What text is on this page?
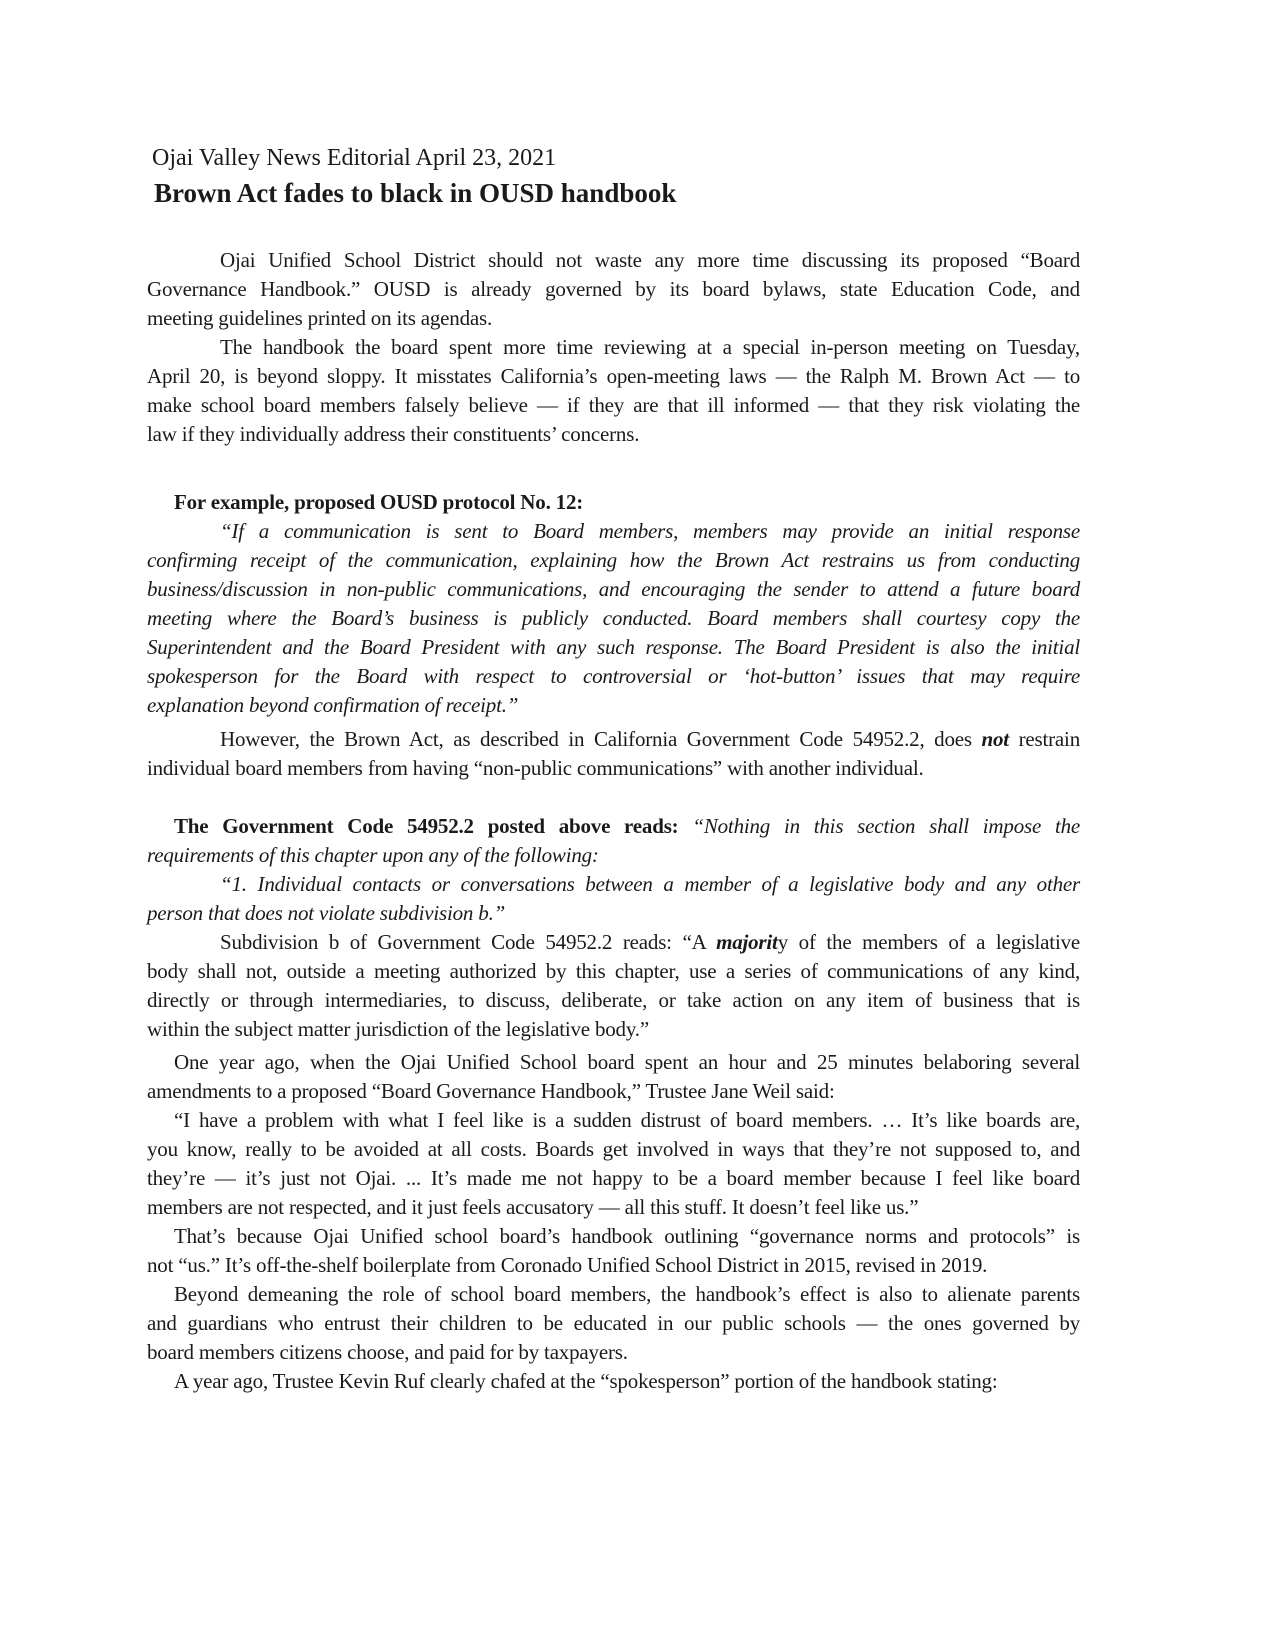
Ojai Valley News Editorial April 23, 2021
Brown Act fades to black in OUSD handbook
Ojai Unified School District should not waste any more time discussing its proposed “Board
Governance Handbook.” OUSD is already governed by its board bylaws, state Education Code, and
meeting guidelines printed on its agendas.
The handbook the board spent more time reviewing at a special in-person meeting on Tuesday,
April 20, is beyond sloppy. It misstates California’s open-meeting laws — the Ralph M. Brown Act — to
make school board members falsely believe — if they are that ill informed — that they risk violating the
law if they individually address their constituents’ concerns.
For example, proposed OUSD protocol No. 12:
“If a communication is sent to Board members, members may provide an initial response
confirming receipt of the communication, explaining how the Brown Act restrains us from conducting
business/discussion in non-public communications, and encouraging the sender to attend a future board
meeting where the Board’s business is publicly conducted. Board members shall courtesy copy the
Superintendent and the Board President with any such response. The Board President is also the initial
spokesperson for the Board with respect to controversial or ‘hot-button’ issues that may require
explanation beyond confirmation of receipt.”
However, the Brown Act, as described in California Government Code 54952.2, does not restrain
individual board members from having “non-public communications” with another individual.
The Government Code 54952.2 posted above reads: “Nothing in this section shall impose the
requirements of this chapter upon any of the following:
“1. Individual contacts or conversations between a member of a legislative body and any other
person that does not violate subdivision b.”
Subdivision b of Government Code 54952.2 reads: “A majority of the members of a legislative
body shall not, outside a meeting authorized by this chapter, use a series of communications of any kind,
directly or through intermediaries, to discuss, deliberate, or take action on any item of business that is
within the subject matter jurisdiction of the legislative body.”
One year ago, when the Ojai Unified School board spent an hour and 25 minutes belaboring several
amendments to a proposed “Board Governance Handbook,” Trustee Jane Weil said:
“I have a problem with what I feel like is a sudden distrust of board members. … It’s like boards are,
you know, really to be avoided at all costs. Boards get involved in ways that they’re not supposed to, and
they’re — it’s just not Ojai. ... It’s made me not happy to be a board member because I feel like board
members are not respected, and it just feels accusatory — all this stuff. It doesn’t feel like us.”
That’s because Ojai Unified school board’s handbook outlining “governance norms and protocols” is
not “us.” It’s off-the-shelf boilerplate from Coronado Unified School District in 2015, revised in 2019.
Beyond demeaning the role of school board members, the handbook’s effect is also to alienate parents
and guardians who entrust their children to be educated in our public schools — the ones governed by
board members citizens choose, and paid for by taxpayers.
A year ago, Trustee Kevin Ruf clearly chafed at the “spokesperson” portion of the handbook stating:
